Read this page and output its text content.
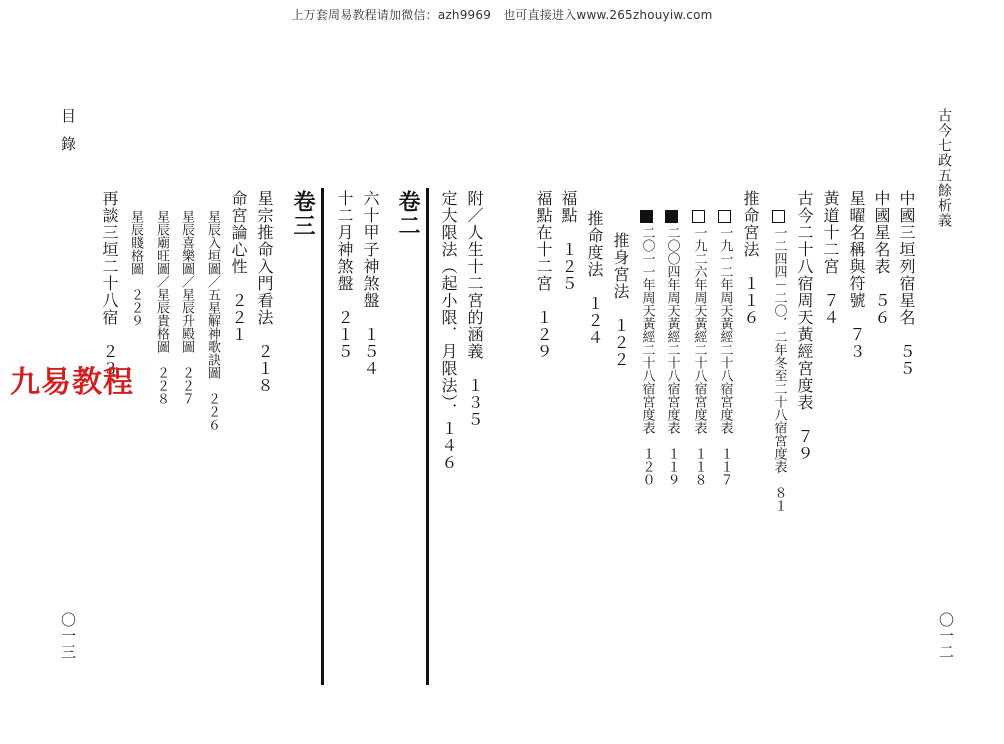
上万套周易教程请加微信：azh9969　也可直接进入www.265zhouyiw.com
古今七政五餘析義
〇一二
目
錄
〇一三
中國三垣列宿星名　５５
中國星名表　５６
星曜名稱與符號　７３
黃道十二宮　７４
古今二十八宿周天黃經宮度表　７９
一二四四－二〇．二年冬至二十八宿宮度表　８１
推命宮法　１１６
一九一二年周天黃經二十八宿宮度表　１１７
一九二六年周天黃經二十八宿宮度表　１１８
二〇〇四年周天黃經二十八宿宮度表　１１９
二〇一一年周天黃經二十八宿宮度表　１２０
推身宮法　１２２
推命度法　１２４
福點　１２５
福點在十二宮　１２９
卷二	附／人生十二宮的涵義　１３５
定大限法（起小限．月限法）．１４６
六十甲子神煞盤　１５４
十二月神煞盤　２１５
卷三
星宗推命入門看法　２１８
命宮論心性　２２１
星辰入垣圖／五星解神歌訣圖　２２６
星辰喜樂圖／星辰升殿圖　２２７
星辰廟旺圖／星辰貴格圖　２２８
星辰賤格圖　２２９
再談三垣二十八宿　２３
九易教程
